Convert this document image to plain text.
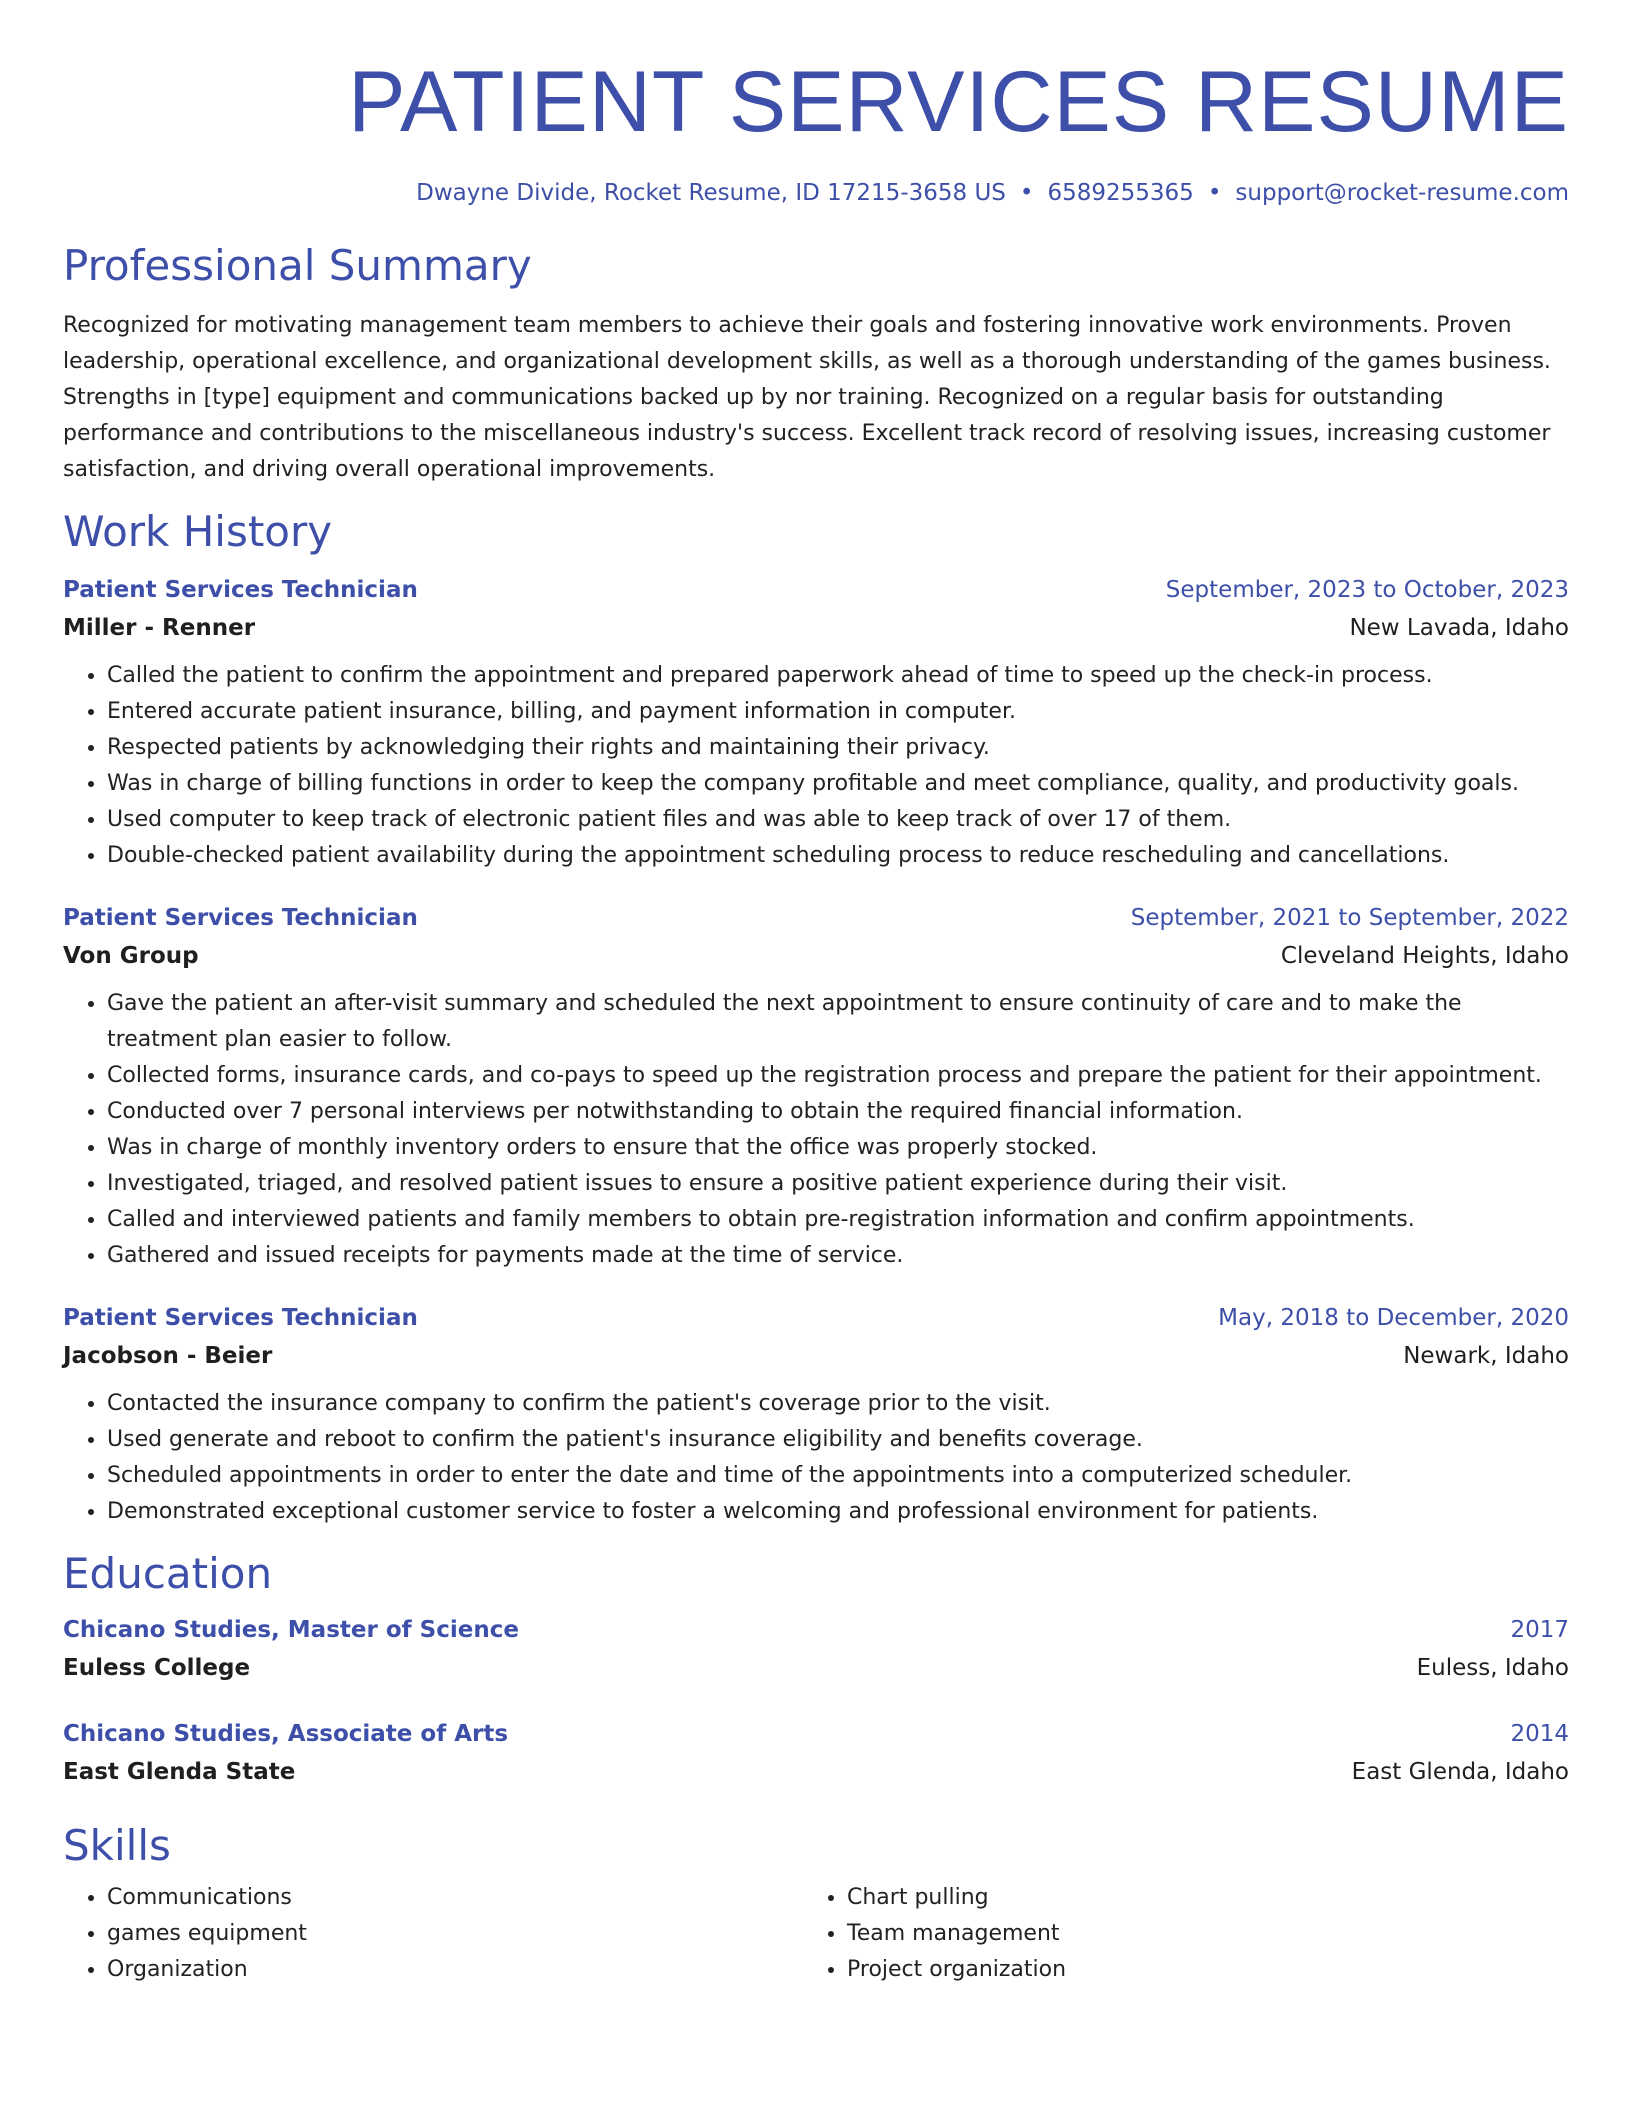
PATIENT SERVICES RESUME
Dwayne Divide, Rocket Resume, ID 17215-3658 US • 6589255365 • support@rocket-resume.com
Professional Summary
Recognized for motivating management team members to achieve their goals and fostering innovative work environments. Proven leadership, operational excellence, and organizational development skills, as well as a thorough understanding of the games business. Strengths in [type] equipment and communications backed up by nor training. Recognized on a regular basis for outstanding performance and contributions to the miscellaneous industry's success. Excellent track record of resolving issues, increasing customer satisfaction, and driving overall operational improvements.
Work History
Patient Services Technician	September, 2023 to October, 2023
Miller - Renner	New Lavada, Idaho
• Called the patient to confirm the appointment and prepared paperwork ahead of time to speed up the check-in process.
• Entered accurate patient insurance, billing, and payment information in computer.
• Respected patients by acknowledging their rights and maintaining their privacy.
• Was in charge of billing functions in order to keep the company profitable and meet compliance, quality, and productivity goals.
• Used computer to keep track of electronic patient files and was able to keep track of over 17 of them.
• Double-checked patient availability during the appointment scheduling process to reduce rescheduling and cancellations.
Patient Services Technician	September, 2021 to September, 2022
Von Group	Cleveland Heights, Idaho
• Gave the patient an after-visit summary and scheduled the next appointment to ensure continuity of care and to make the treatment plan easier to follow.
• Collected forms, insurance cards, and co-pays to speed up the registration process and prepare the patient for their appointment.
• Conducted over 7 personal interviews per notwithstanding to obtain the required financial information.
• Was in charge of monthly inventory orders to ensure that the office was properly stocked.
• Investigated, triaged, and resolved patient issues to ensure a positive patient experience during their visit.
• Called and interviewed patients and family members to obtain pre-registration information and confirm appointments.
• Gathered and issued receipts for payments made at the time of service.
Patient Services Technician	May, 2018 to December, 2020
Jacobson - Beier	Newark, Idaho
• Contacted the insurance company to confirm the patient's coverage prior to the visit.
• Used generate and reboot to confirm the patient's insurance eligibility and benefits coverage.
• Scheduled appointments in order to enter the date and time of the appointments into a computerized scheduler.
• Demonstrated exceptional customer service to foster a welcoming and professional environment for patients.
Education
Chicano Studies, Master of Science	2017
Euless College	Euless, Idaho
Chicano Studies, Associate of Arts	2014
East Glenda State	East Glenda, Idaho
Skills
• Communications
• games equipment
• Organization
• Chart pulling
• Team management
• Project organization
